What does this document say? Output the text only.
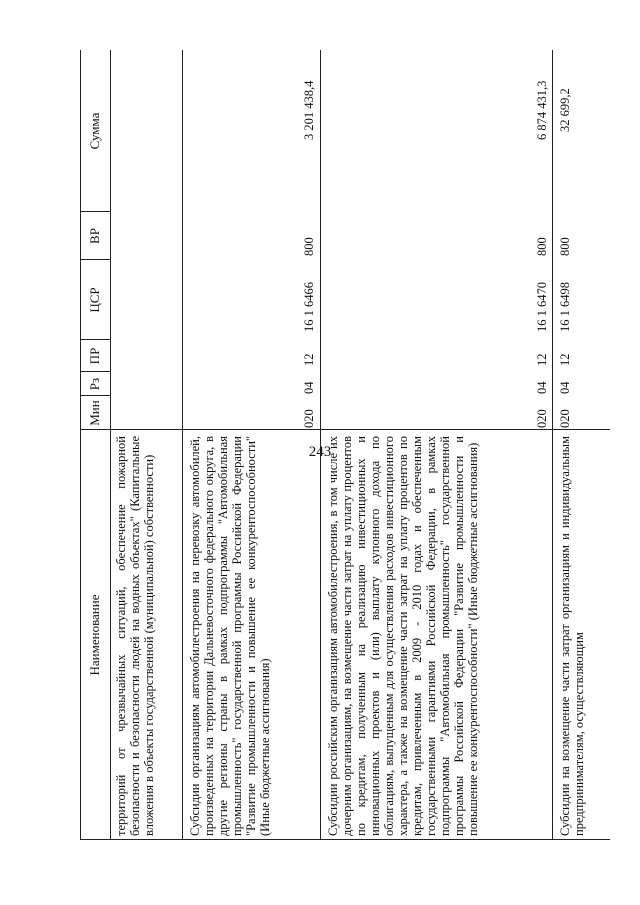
243
Наименование
Мин
Рз
ПР
ЦСР
ВР
Сумма
территорий от чрезвычайных ситуаций, обеспечение пожарной безопасности и безопасности людей на водных объектах" (Капитальные вложения в объекты государственной (муниципальной) собственности)	Субсидии организациям автомобилестроения на перевозку автомобилей, произведенных на территории Дальневосточного федерального округа, в другие регионы страны в рамках подпрограммы "Автомобильная промышленность" государственной программы Российской Федерации "Развитие промышленности и повышение ее конкурентоспособности" (Иные бюджетные ассигнования)
020
04
12
16 1 6466
800
3 201 438,4
Субсидии российским организациям автомобилестроения, в том числе их дочерним организациям, на возмещение части затрат на уплату процентов по кредитам, полученным на реализацию инвестиционных и инновационных проектов и (или) выплату купонного дохода по облигациям, выпущенным для осуществления расходов инвестиционного характера, а также на возмещение части затрат на уплату процентов по кредитам, привлеченным в 2009 - 2010 годах и обеспеченным государственными гарантиями Российской Федерации, в рамках подпрограммы "Автомобильная промышленность" государственной программы Российской Федерации "Развитие промышленности и повышение ее конкурентоспособности" (Иные бюджетные ассигнования)
020
04
12
16 1 6470
800
6 874 431,3
Субсидии на возмещение части затрат организациям и индивидуальным предпринимателям, осуществляющим
020
04
12
16 1 6498
800
32 699,2
